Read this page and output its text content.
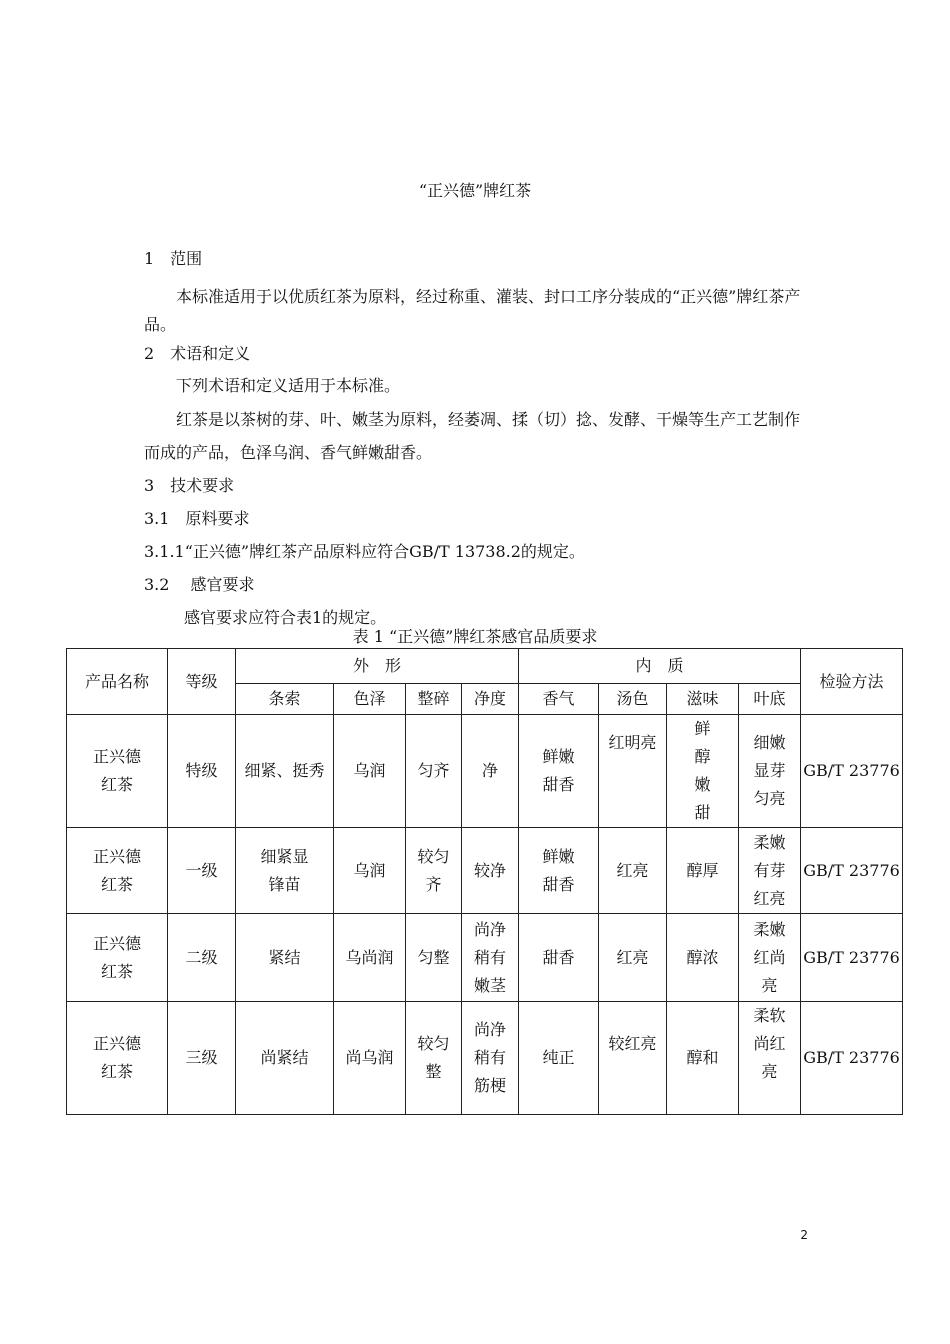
“正兴德”牌红茶

1　范围

本标准适用于以优质红茶为原料，经过称重、灌装、封口工序分装成的“正兴德”牌红茶产品。

2　术语和定义

下列术语和定义适用于本标准。

红茶是以茶树的芽、叶、嫩茎为原料，经萎凋、揉（切）捻、发酵、干燥等生产工艺制作而成的产品，色泽乌润、香气鲜嫩甜香。

3　技术要求

3.1　原料要求

3.1.1“正兴德”牌红茶产品原料应符合GB/T 13738.2的规定。

3.2　 感官要求

感官要求应符合表1的规定。

表 1 “正兴德”牌红茶感官品质要求
产品名称	等级	外　形				内　质				检验方法
		条索	色泽	整碎	净度	香气	汤色	滋味	叶底	
正兴德红茶	特级	细紧、挺秀	乌润	匀齐	净	鲜嫩甜香	红明亮	鲜醇嫩甜	细嫩显芽匀亮	GB/T 23776
正兴德红茶	一级	细紧显锋苗	乌润	较匀齐	较净	鲜嫩甜香	红亮	醇厚	柔嫩有芽红亮	GB/T 23776
正兴德红茶	二级	紧结	乌尚润	匀整	尚净稍有嫩茎	甜香	红亮	醇浓	柔嫩红尚亮	GB/T 23776
正兴德红茶	三级	尚紧结	尚乌润	较匀整	尚净稍有筋梗	纯正	较红亮	醇和	柔软尚红亮	GB/T 23776
2
